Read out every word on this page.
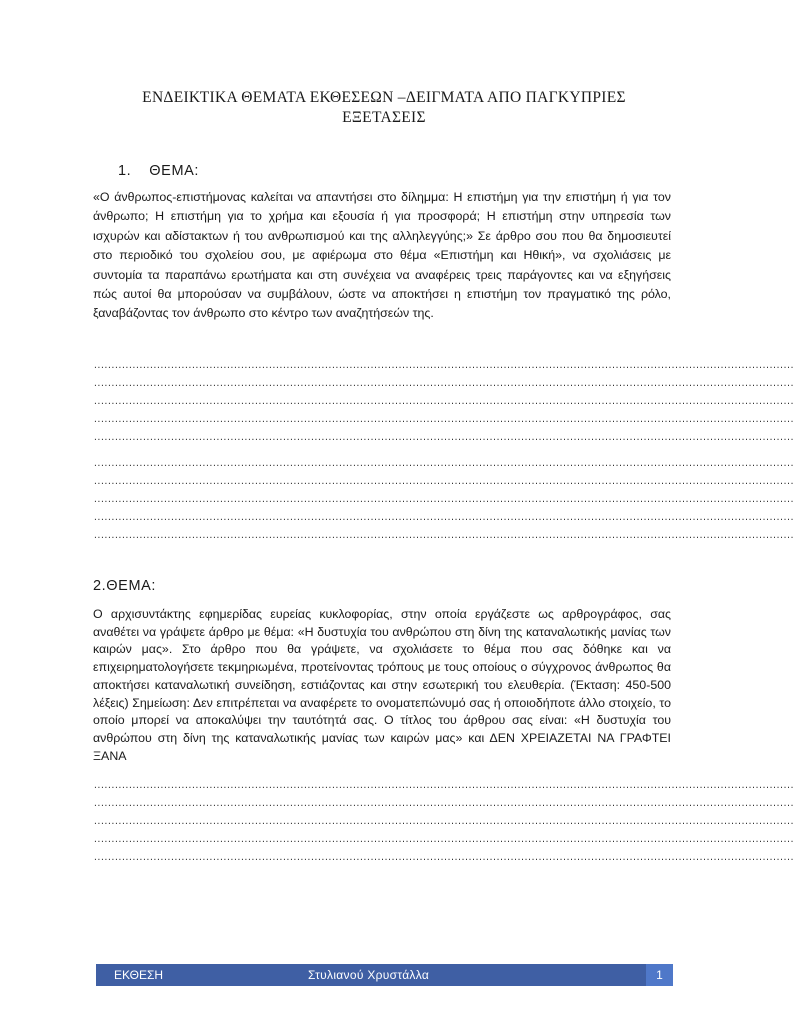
ΕΝΔΕΙΚΤΙΚΑ ΘΕΜΑΤΑ ΕΚΘΕΣΕΩΝ –ΔΕΙΓΜΑΤΑ ΑΠΟ ΠΑΓΚΥΠΡΙΕΣ ΕΞΕΤΑΣΕΙΣ
1. ΘΕΜΑ:
«Ο άνθρωπος-επιστήμονας καλείται να απαντήσει στο δίλημμα: Η επιστήμη για την επιστήμη ή για τον άνθρωπο; Η επιστήμη για το χρήμα και εξουσία ή για προσφορά; Η επιστήμη στην υπηρεσία των ισχυρών και αδίστακτων ή του ανθρωπισμού και της αλληλεγγύης;» Σε άρθρο σου που θα δημοσιευτεί στο περιοδικό του σχολείου σου, με αφιέρωμα στο θέμα «Επιστήμη και Ηθική», να σχολιάσεις με συντομία τα παραπάνω ερωτήματα και στη συνέχεια να αναφέρεις τρεις παράγοντες και να εξηγήσεις πώς αυτοί θα μπορούσαν να συμβάλουν, ώστε να αποκτήσει η επιστήμη τον πραγματικό της ρόλο, ξαναβάζοντας τον άνθρωπο στο κέντρο των αναζητήσεών της.
........................................................................................................................................................................................................
........................................................................................................................................................................................................
........................................................................................................................................................................................................
........................................................................................................................................................................................................
........................................................................................................................................................................................................
........................................................................................................................................................................................................
........................................................................................................................................................................................................
........................................................................................................................................................................................................
........................................................................................................................................................................................................
........................................................................................................................................................................................................
2.ΘΕΜΑ:
Ο αρχισυντάκτης εφημερίδας ευρείας κυκλοφορίας, στην οποία εργάζεστε ως αρθρογράφος, σας αναθέτει να γράψετε άρθρο με θέμα: «Η δυστυχία του ανθρώπου στη δίνη της καταναλωτικής μανίας των καιρών μας». Στο άρθρο που θα γράψετε, να σχολιάσετε το θέμα που σας δόθηκε και να επιχειρηματολογήσετε τεκμηριωμένα, προτείνοντας τρόπους με τους οποίους ο σύγχρονος άνθρωπος θα αποκτήσει καταναλωτική συνείδηση, εστιάζοντας και στην εσωτερική του ελευθερία. (Έκταση: 450-500 λέξεις) Σημείωση: Δεν επιτρέπεται να αναφέρετε το ονοματεπώνυμό σας ή οποιοδήποτε άλλο στοιχείο, το οποίο μπορεί να αποκαλύψει την ταυτότητά σας. Ο τίτλος του άρθρου σας είναι: «Η δυστυχία του ανθρώπου στη δίνη της καταναλωτικής μανίας των καιρών μας» και ΔΕΝ ΧΡΕΙΑΖΕΤΑΙ ΝΑ ΓΡΑΦΤΕΙ ΞΑΝΑ
........................................................................................................................................................................................................
........................................................................................................................................................................................................
........................................................................................................................................................................................................
........................................................................................................................................................................................................
........................................................................................................................................................................................................
ΕΚΘΕΣΗ	Στυλιανού Χρυστάλλα	1
